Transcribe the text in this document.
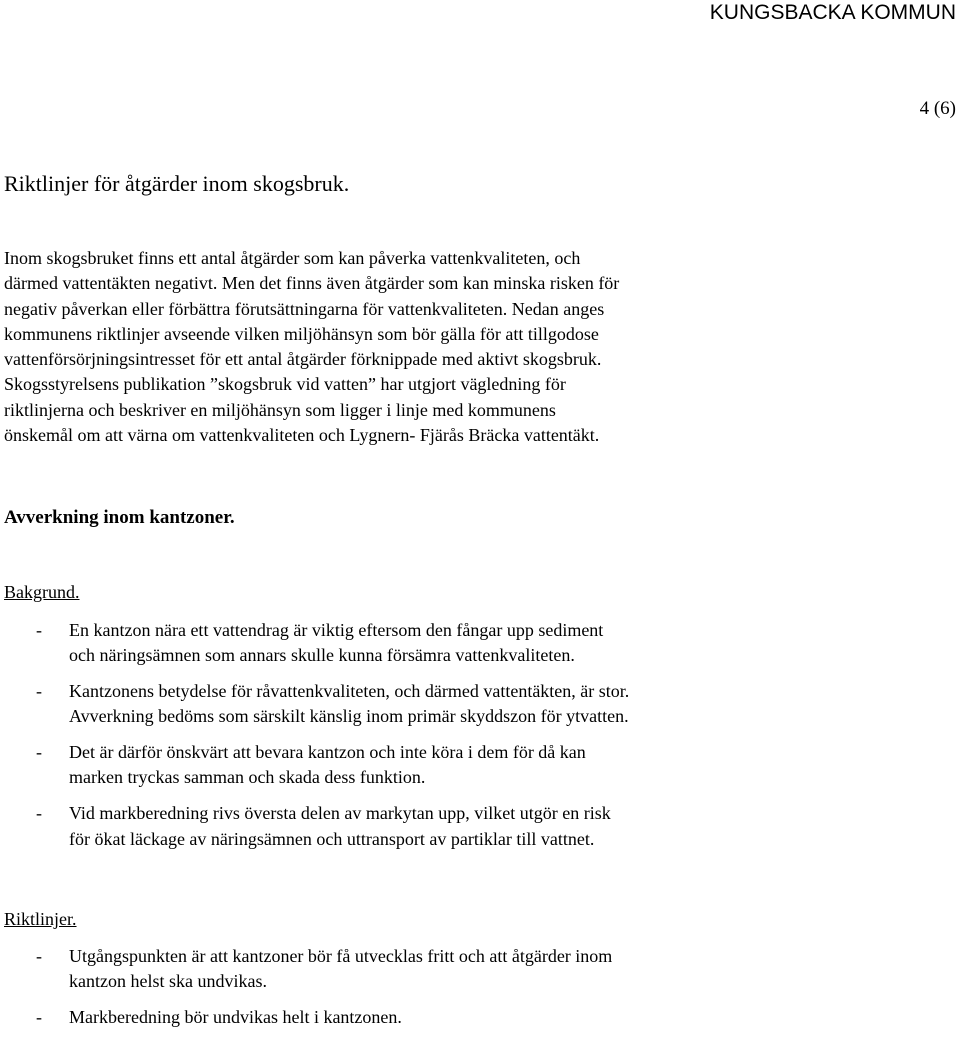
KUNGSBACKA KOMMUN
4 (6)
Riktlinjer för åtgärder inom skogsbruk.

Inom skogsbruket finns ett antal åtgärder som kan påverka vattenkvaliteten, och
därmed vattentäkten negativt. Men det finns även åtgärder som kan minska risken för
negativ påverkan eller förbättra förutsättningarna för vattenkvaliteten. Nedan anges
kommunens riktlinjer avseende vilken miljöhänsyn som bör gälla för att tillgodose
vattenförsörjningsintresset för ett antal åtgärder förknippade med aktivt skogsbruk.
Skogsstyrelsens publikation ”skogsbruk vid vatten” har utgjort vägledning för
riktlinjerna och beskriver en miljöhänsyn som ligger i linje med kommunens
önskemål om att värna om vattenkvaliteten och Lygnern- Fjärås Bräcka vattentäkt.

Avverkning inom kantzoner.
Bakgrund.
- En kantzon nära ett vattendrag är viktig eftersom den fångar upp sediment
och näringsämnen som annars skulle kunna försämra vattenkvaliteten.
- Kantzonens betydelse för råvattenkvaliteten, och därmed vattentäkten, är stor.
Avverkning bedöms som särskilt känslig inom primär skyddszon för ytvatten.
- Det är därför önskvärt att bevara kantzon och inte köra i dem för då kan
marken tryckas samman och skada dess funktion.
- Vid markberedning rivs översta delen av markytan upp, vilket utgör en risk
för ökat läckage av näringsämnen och uttransport av partiklar till vattnet.
Riktlinjer.
- Utgångspunkten är att kantzoner bör få utvecklas fritt och att åtgärder inom
kantzon helst ska undvikas.
- Markberedning bör undvikas helt i kantzonen.
